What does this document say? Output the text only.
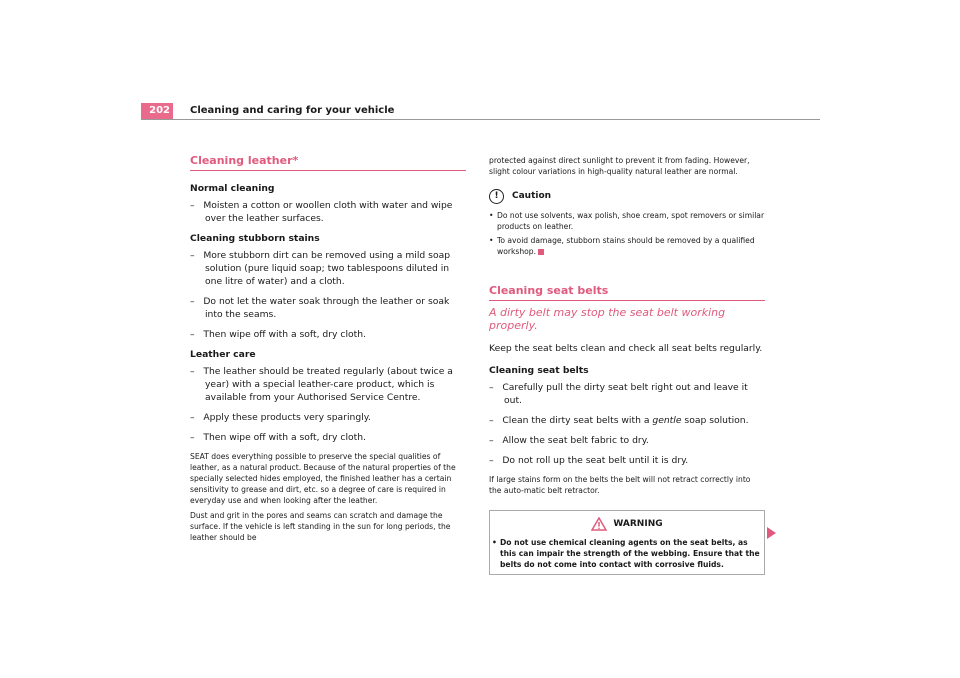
202	Cleaning and caring for your vehicle
Cleaning leather*
Normal cleaning
–   Moisten a cotton or woollen cloth with water and wipe over the leather surfaces.
Cleaning stubborn stains
–   More stubborn dirt can be removed using a mild soap solution (pure liquid soap; two tablespoons diluted in one litre of water) and a cloth.
–   Do not let the water soak through the leather or soak into the seams.
–   Then wipe off with a soft, dry cloth.
Leather care
–   The leather should be treated regularly (about twice a year) with a special leather-care product, which is available from your Authorised Service Centre.
–   Apply these products very sparingly.
–   Then wipe off with a soft, dry cloth.
SEAT does everything possible to preserve the special qualities of leather, as a natural product. Because of the natural properties of the specially selected hides employed, the finished leather has a certain sensitivity to grease and dirt, etc. so a degree of care is required in everyday use and when looking after the leather.
Dust and grit in the pores and seams can scratch and damage the surface. If the vehicle is left standing in the sun for long periods, the leather should be
protected against direct sunlight to prevent it from fading. However, slight colour variations in high-quality natural leather are normal.
!	Caution
• Do not use solvents, wax polish, shoe cream, spot removers or similar products on leather.
• To avoid damage, stubborn stains should be removed by a qualified workshop.
Cleaning seat belts
A dirty belt may stop the seat belt working properly.
Keep the seat belts clean and check all seat belts regularly.
Cleaning seat belts
–   Carefully pull the dirty seat belt right out and leave it out.
–   Clean the dirty seat belts with a gentle soap solution.
–   Allow the seat belt fabric to dry.
–   Do not roll up the seat belt until it is dry.
If large stains form on the belts the belt will not retract correctly into the auto-matic belt retractor.
WARNING
• Do not use chemical cleaning agents on the seat belts, as this can impair the strength of the webbing. Ensure that the belts do not come into contact with corrosive fluids.
